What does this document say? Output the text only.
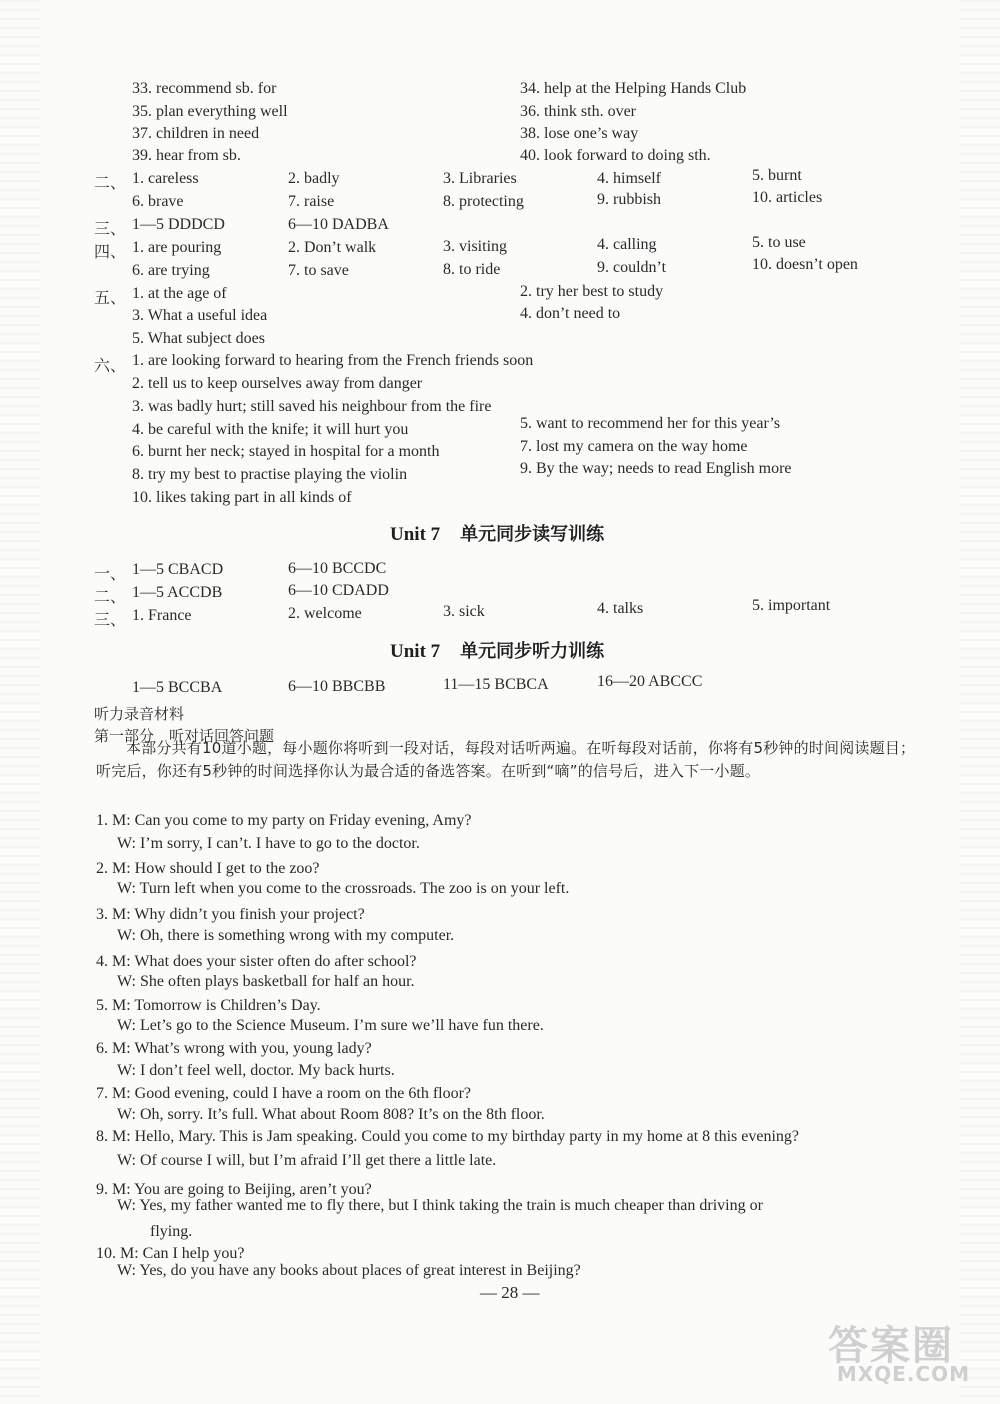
33. recommend sb. for	34. help at the Helping Hands Club
35. plan everything well	36. think sth. over
37. children in need	38. lose one’s way
39. hear from sb.	40. look forward to doing sth.
二、 1. careless	2. badly	3. Libraries	4. himself	5. burnt
6. brave	7. raise	8. protecting	9. rubbish	10. articles
三、 1—5 DDDCD	6—10 DADBA
四、 1. are pouring	2. Don’t walk	3. visiting	4. calling	5. to use
6. are trying	7. to save	8. to ride	9. couldn’t	10. doesn’t open
五、 1. at the age of	2. try her best to study
3. What a useful idea	4. don’t need to
5. What subject does
六、 1. are looking forward to hearing from the French friends soon
2. tell us to keep ourselves away from danger
3. was badly hurt; still saved his neighbour from the fire
4. be careful with the knife; it will hurt you	5. want to recommend her for this year’s
6. burnt her neck; stayed in hospital for a month	7. lost my camera on the way home
8. try my best to practise playing the violin	9. By the way; needs to read English more
10. likes taking part in all kinds of
Unit 7 单元同步读写训练
一、 1—5 CBACD	6—10 BCCDC
二、 1—5 ACCDB	6—10 CDADD
三、 1. France	2. welcome	3. sick	4. talks	5. important
Unit 7 单元同步听力训练
1—5 BCCBA	6—10 BBCBB	11—15 BCBCA	16—20 ABCCC
听力录音材料
第一部分　听对话回答问题
本部分共有10道小题，每小题你将听到一段对话，每段对话听两遍。在听每段对话前，你将有5秒钟的时间阅读题目；听完后，你还有5秒钟的时间选择你认为最合适的备选答案。在听到“嘀”的信号后，进入下一小题。
1. M: Can you come to my party on Friday evening, Amy?
W: I’m sorry, I can’t. I have to go to the doctor.
2. M: How should I get to the zoo?
W: Turn left when you come to the crossroads. The zoo is on your left.
3. M: Why didn’t you finish your project?
W: Oh, there is something wrong with my computer.
4. M: What does your sister often do after school?
W: She often plays basketball for half an hour.
5. M: Tomorrow is Children’s Day.
W: Let’s go to the Science Museum. I’m sure we’ll have fun there.
6. M: What’s wrong with you, young lady?
W: I don’t feel well, doctor. My back hurts.
7. M: Good evening, could I have a room on the 6th floor?
W: Oh, sorry. It’s full. What about Room 808? It’s on the 8th floor.
8. M: Hello, Mary. This is Jam speaking. Could you come to my birthday party in my home at 8 this evening?
W: Of course I will, but I’m afraid I’ll get there a little late.
9. M: You are going to Beijing, aren’t you?
W: Yes, my father wanted me to fly there, but I think taking the train is much cheaper than driving or
flying.
10. M: Can I help you?
W: Yes, do you have any books about places of great interest in Beijing?
— 28 —
答案圈
MXQE.COM
